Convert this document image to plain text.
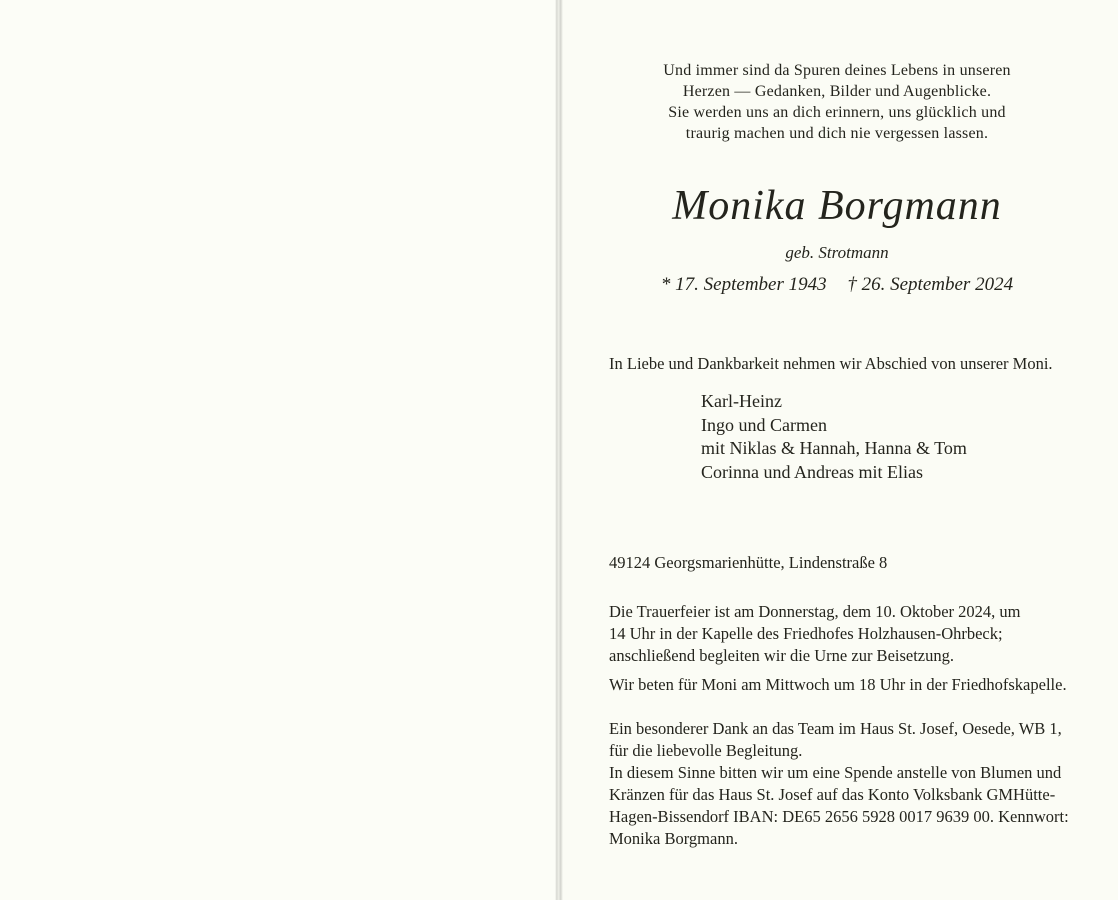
Und immer sind da Spuren deines Lebens in unseren
Herzen — Gedanken, Bilder und Augenblicke.
Sie werden uns an dich erinnern, uns glücklich und
traurig machen und dich nie vergessen lassen.
Monika Borgmann
geb. Strotmann
* 17. September 1943 † 26. September 2024
In Liebe und Dankbarkeit nehmen wir Abschied von unserer Moni.
Karl-Heinz
Ingo und Carmen
mit Niklas & Hannah, Hanna & Tom
Corinna und Andreas mit Elias
49124 Georgsmarienhütte, Lindenstraße 8
Die Trauerfeier ist am Donnerstag, dem 10. Oktober 2024, um
14 Uhr in der Kapelle des Friedhofes Holzhausen-Ohrbeck;
anschließend begleiten wir die Urne zur Beisetzung.
Wir beten für Moni am Mittwoch um 18 Uhr in der Friedhofskapelle.
Ein besonderer Dank an das Team im Haus St. Josef, Oesede, WB 1,
für die liebevolle Begleitung.
In diesem Sinne bitten wir um eine Spende anstelle von Blumen und
Kränzen für das Haus St. Josef auf das Konto Volksbank GMHütte-
Hagen-Bissendorf IBAN: DE65 2656 5928 0017 9639 00. Kennwort:
Monika Borgmann.
